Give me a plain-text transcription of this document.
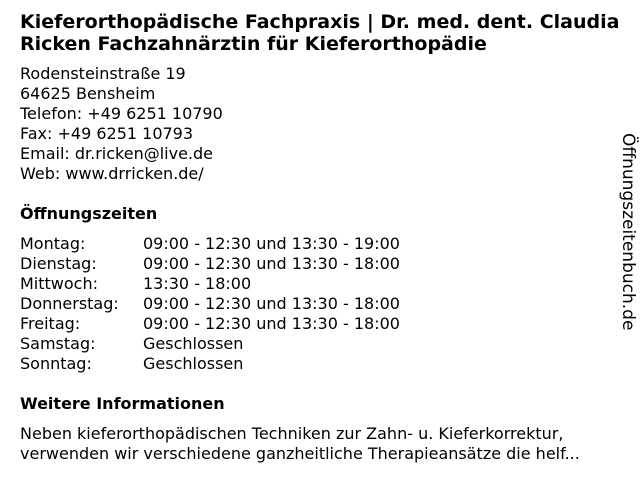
Kieferorthopädische Fachpraxis | Dr. med. dent. Claudia Ricken Fachzahnärztin für Kieferorthopädie
Rodensteinstraße 19
64625 Bensheim
Telefon: +49 6251 10790
Fax: +49 6251 10793
Email: dr.ricken@live.de
Web: www.drricken.de/
Öffnungszeiten
Montag:	09:00 - 12:30 und 13:30 - 19:00
Dienstag:	09:00 - 12:30 und 13:30 - 18:00
Mittwoch:	13:30 - 18:00
Donnerstag: 09:00 - 12:30 und 13:30 - 18:00
Freitag:	09:00 - 12:30 und 13:30 - 18:00
Samstag:	Geschlossen
Sonntag:	Geschlossen
Weitere Informationen
Neben kieferorthopädischen Techniken zur Zahn- u. Kieferkorrektur,
verwenden wir verschiedene ganzheitliche Therapieansätze die helf...
Öffnungszeitenbuch.de
